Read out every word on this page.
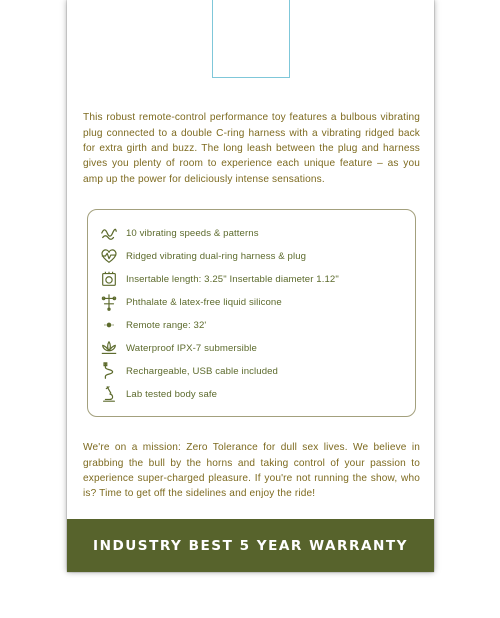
This robust remote-control performance toy features a bulbous vibrating plug connected to a double C-ring harness with a vibrating ridged back for extra girth and buzz. The long leash between the plug and harness gives you plenty of room to experience each unique feature – as you amp up the power for deliciously intense sensations.

10 vibrating speeds & patterns
Ridged vibrating dual-ring harness & plug
Insertable length: 3.25" Insertable diameter 1.12"
Phthalate & latex-free liquid silicone
Remote range: 32'
Waterproof IPX-7 submersible
Rechargeable, USB cable included
Lab tested body safe

We're on a mission: Zero Tolerance for dull sex lives. We believe in grabbing the bull by the horns and taking control of your passion to experience super-charged pleasure. If you're not running the show, who is? Time to get off the sidelines and enjoy the ride!

INDUSTRY BEST 5 YEAR WARRANTY
